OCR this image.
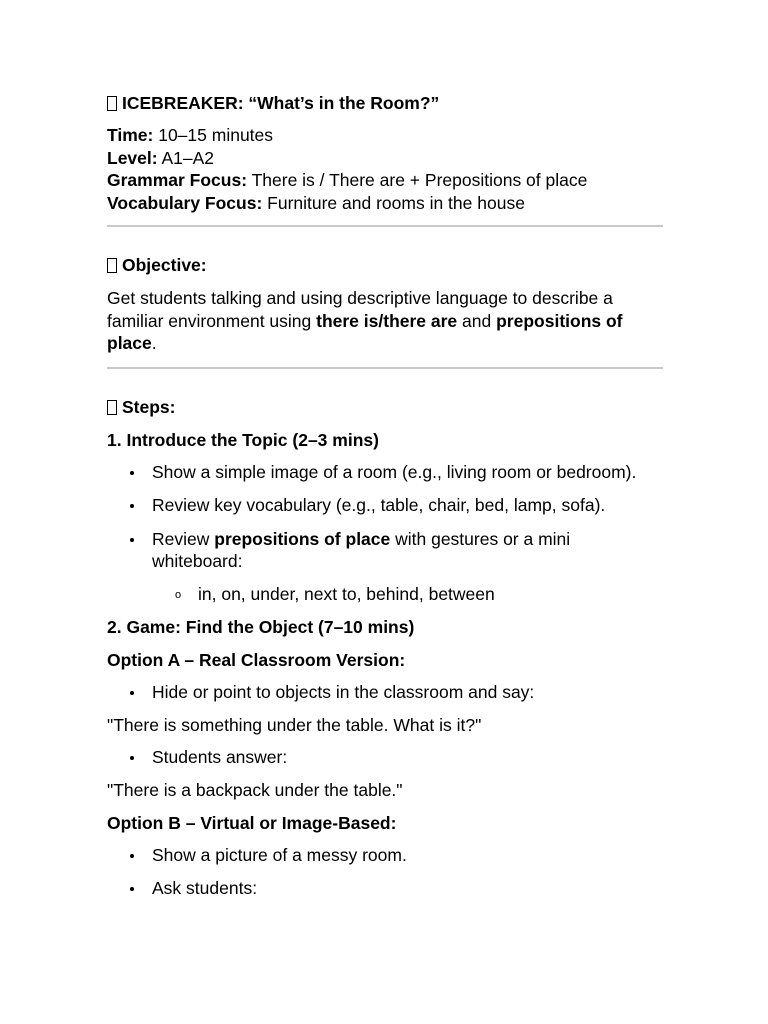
ICEBREAKER: “What’s in the Room?”
Time: 10–15 minutes
Level: A1–A2
Grammar Focus: There is / There are + Prepositions of place
Vocabulary Focus: Furniture and rooms in the house
Objective:
Get students talking and using descriptive language to describe a familiar environment using there is/there are and prepositions of place.
Steps:
1. Introduce the Topic (2–3 mins)
Show a simple image of a room (e.g., living room or bedroom).
Review key vocabulary (e.g., table, chair, bed, lamp, sofa).
Review prepositions of place with gestures or a mini whiteboard:
o in, on, under, next to, behind, between
2. Game: Find the Object (7–10 mins)
Option A – Real Classroom Version:
Hide or point to objects in the classroom and say:
"There is something under the table. What is it?"
Students answer:
"There is a backpack under the table."
Option B – Virtual or Image-Based:
Show a picture of a messy room.
Ask students:
